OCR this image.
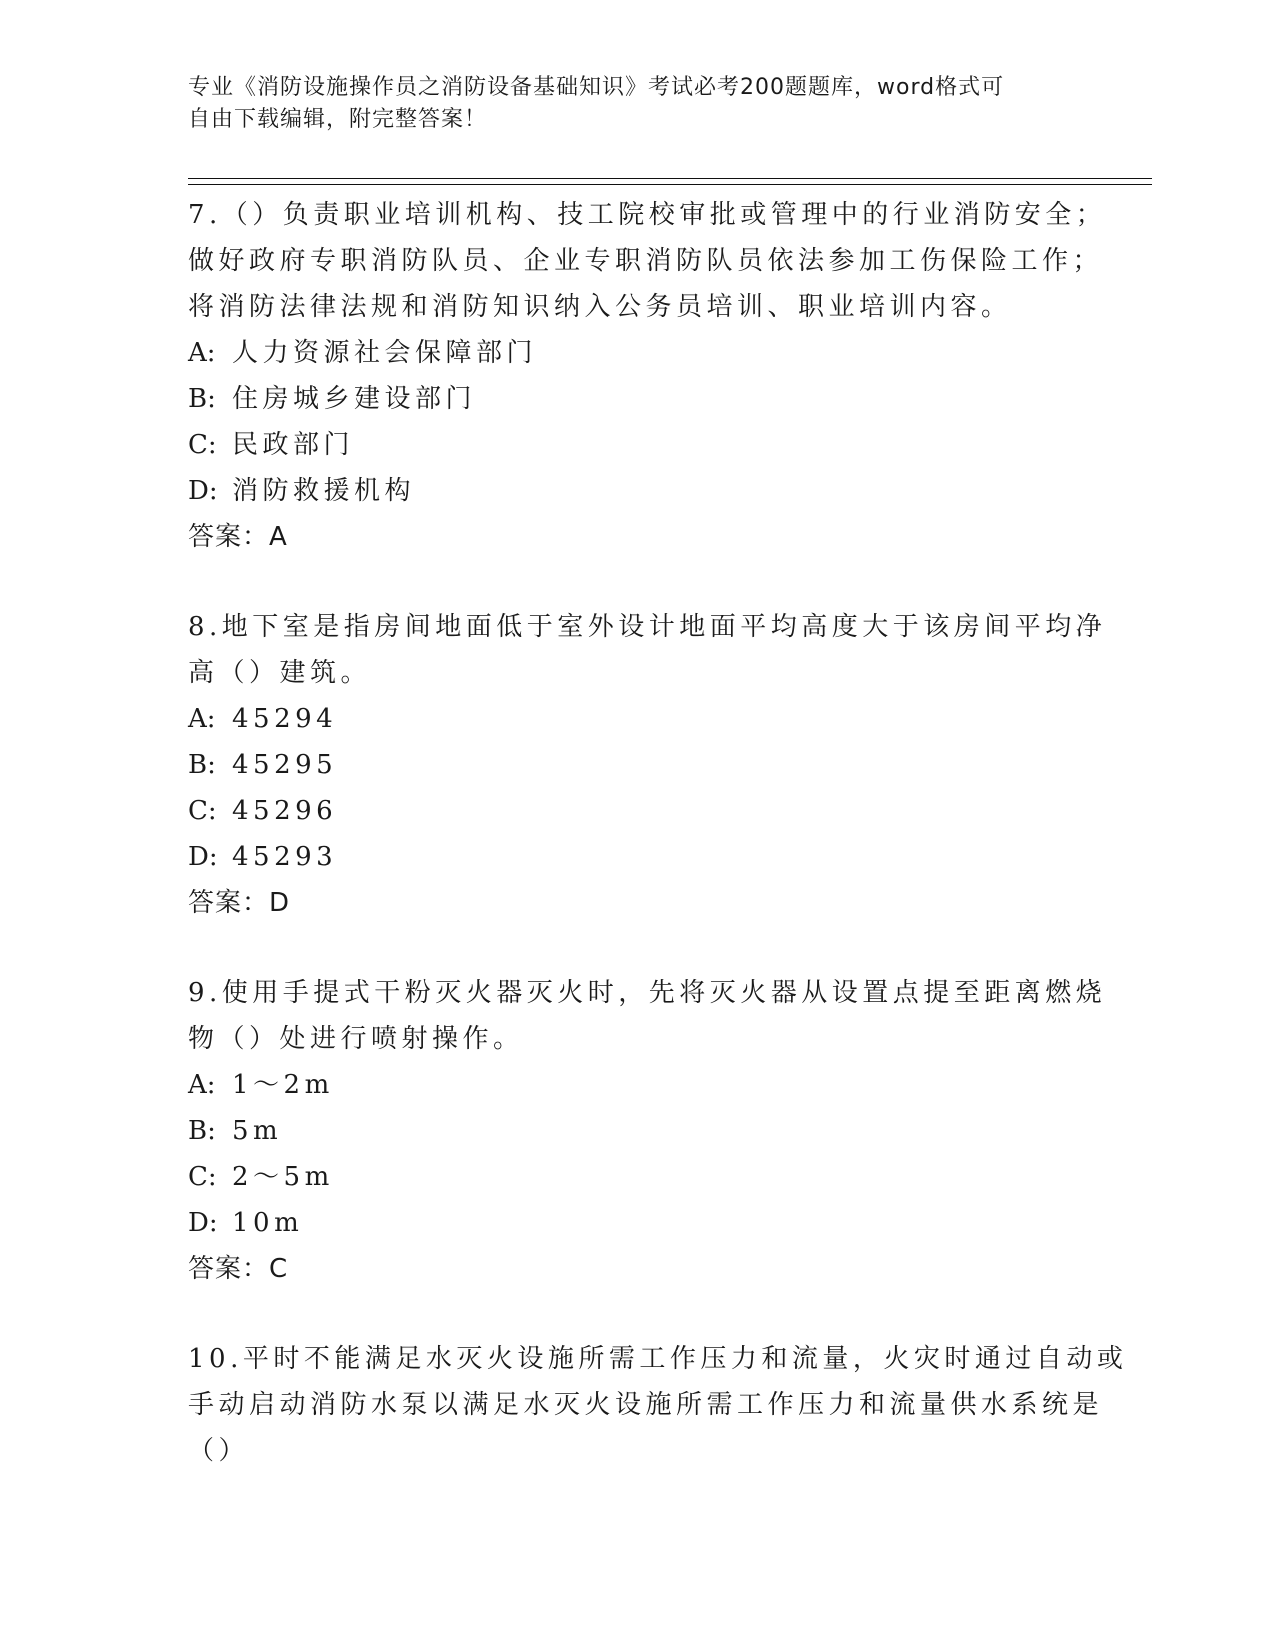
专业《消防设施操作员之消防设备基础知识》考试必考200题题库，word格式可
自由下载编辑，附完整答案！
7.（）负责职业培训机构、技工院校审批或管理中的行业消防安全；
做好政府专职消防队员、企业专职消防队员依法参加工伤保险工作；
将消防法律法规和消防知识纳入公务员培训、职业培训内容。
A: 人力资源社会保障部门
B: 住房城乡建设部门
C: 民政部门
D: 消防救援机构
答案：A
8.地下室是指房间地面低于室外设计地面平均高度大于该房间平均净
高（）建筑。
A: 45294
B: 45295
C: 45296
D: 45293
答案：D
9.使用手提式干粉灭火器灭火时，先将灭火器从设置点提至距离燃烧
物（）处进行喷射操作。
A: 1～2m
B: 5m
C: 2～5m
D: 10m
答案：C
10.平时不能满足水灭火设施所需工作压力和流量，火灾时通过自动或
手动启动消防水泵以满足水灭火设施所需工作压力和流量供水系统是
（）
